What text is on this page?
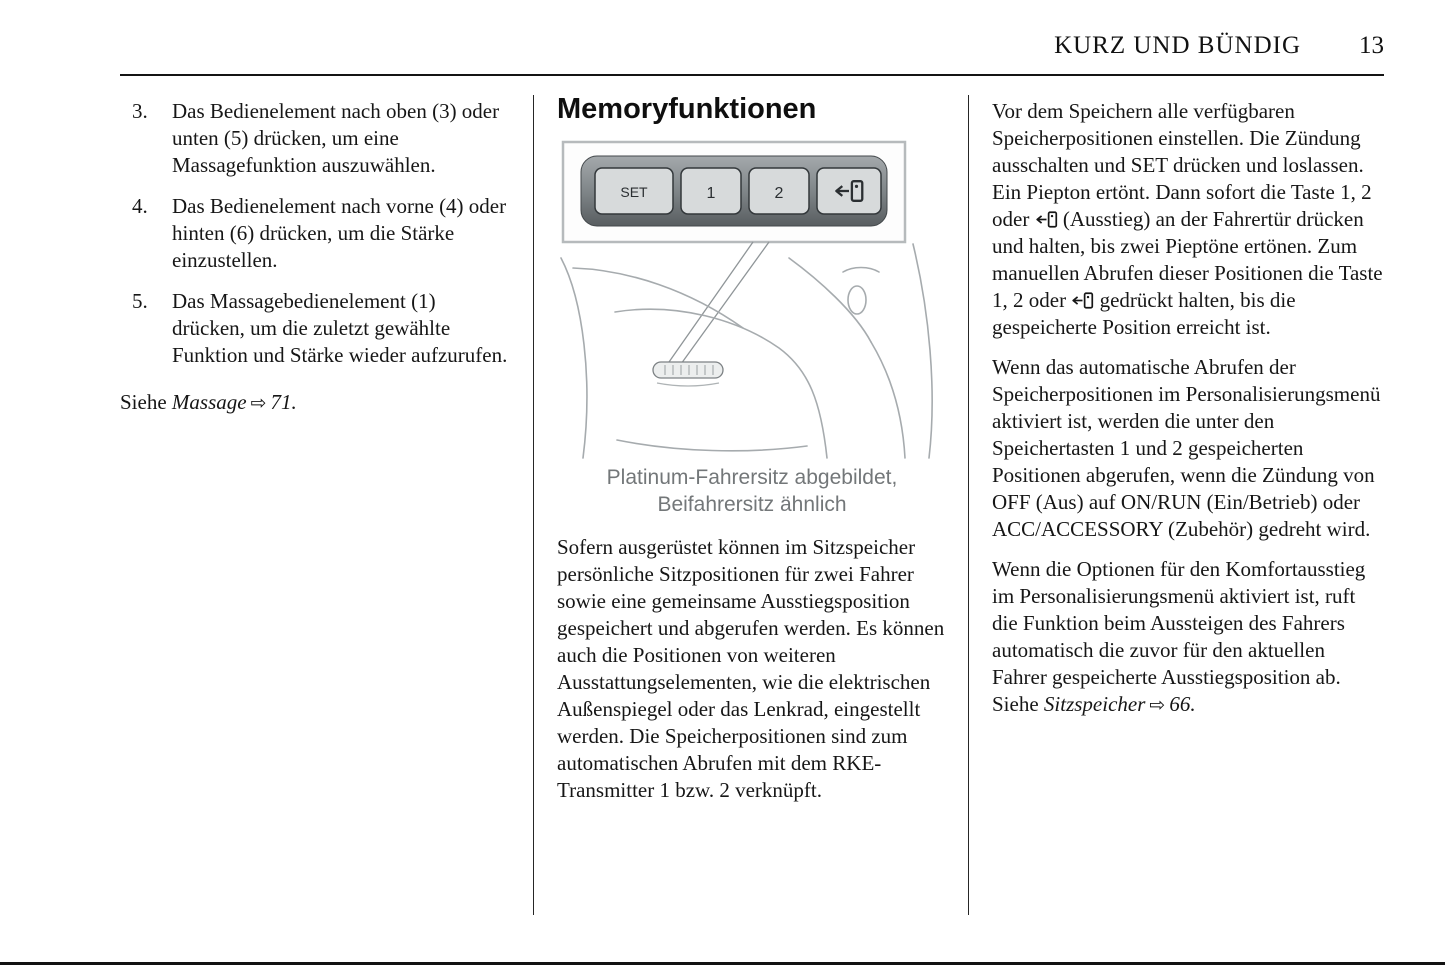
KURZ UND BÜNDIG 13
3.	Das Bedienelement nach oben (3) oder unten (5) drücken, um eine Massagefunktion auszuwählen.
4.	Das Bedienelement nach vorne (4) oder hinten (6) drücken, um die Stärke einzustellen.
5.	Das Massagebedienelement (1) drücken, um die zuletzt gewählte Funktion und Stärke wieder aufzurufen.

Siehe Massage ⇨ 71.

Memoryfunktionen
SET	1	2
Platinum-Fahrersitz abgebildet,
Beifahrersitz ähnlich

Sofern ausgerüstet können im Sitzspeicher persönliche Sitzpositionen für zwei Fahrer sowie eine gemeinsame Ausstiegsposition gespeichert und abgerufen werden. Es können auch die Positionen von weiteren Ausstattungselementen, wie die elektrischen Außenspiegel oder das Lenkrad, eingestellt werden. Die Speicherpositionen sind zum automatischen Abrufen mit dem RKE-Transmitter 1 bzw. 2 verknüpft.

Vor dem Speichern alle verfügbaren Speicherpositionen einstellen. Die Zündung ausschalten und SET drücken und loslassen. Ein Piepton ertönt. Dann sofort die Taste 1, 2 oder  (Ausstieg) an der Fahrertür drücken und halten, bis zwei Pieptöne ertönen. Zum manuellen Abrufen dieser Positionen die Taste 1, 2 oder  gedrückt halten, bis die gespeicherte Position erreicht ist.

Wenn das automatische Abrufen der Speicherpositionen im Personalisierungsmenü aktiviert ist, werden die unter den Speichertasten 1 und 2 gespeicherten Positionen abgerufen, wenn die Zündung von OFF (Aus) auf ON/RUN (Ein/Betrieb) oder ACC/ACCESSORY (Zubehör) gedreht wird.

Wenn die Optionen für den Komfortausstieg im Personalisierungsmenü aktiviert ist, ruft die Funktion beim Aussteigen des Fahrers automatisch die zuvor für den aktuellen Fahrer gespeicherte Ausstiegsposition ab. Siehe Sitzspeicher ⇨ 66.
